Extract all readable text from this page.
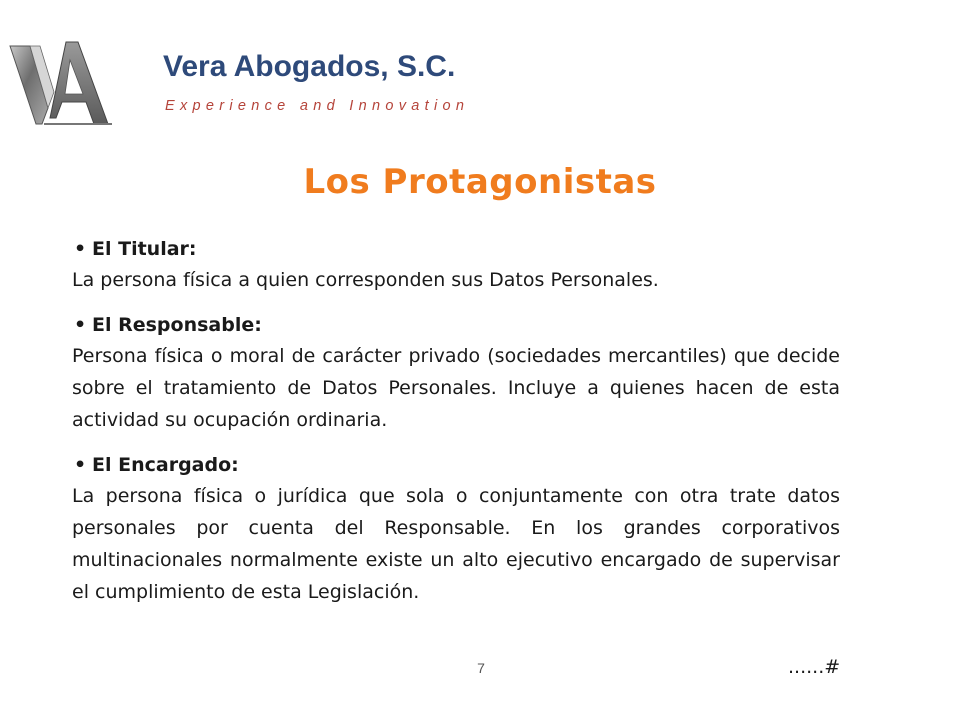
Vera Abogados, S.C.
Experience and Innovation
Los Protagonistas
• El Titular:
La persona física a quien corresponden sus Datos Personales.
• El Responsable:
Persona física o moral de carácter privado (sociedades mercantiles) que decide sobre el tratamiento de Datos Personales. Incluye a quienes hacen de esta actividad su ocupación ordinaria.
• El Encargado:
La persona física o jurídica que sola o conjuntamente con otra trate datos personales por cuenta del Responsable. En los grandes corporativos multinacionales normalmente existe un alto ejecutivo encargado de supervisar el cumplimiento de esta Legislación.
7	......#
